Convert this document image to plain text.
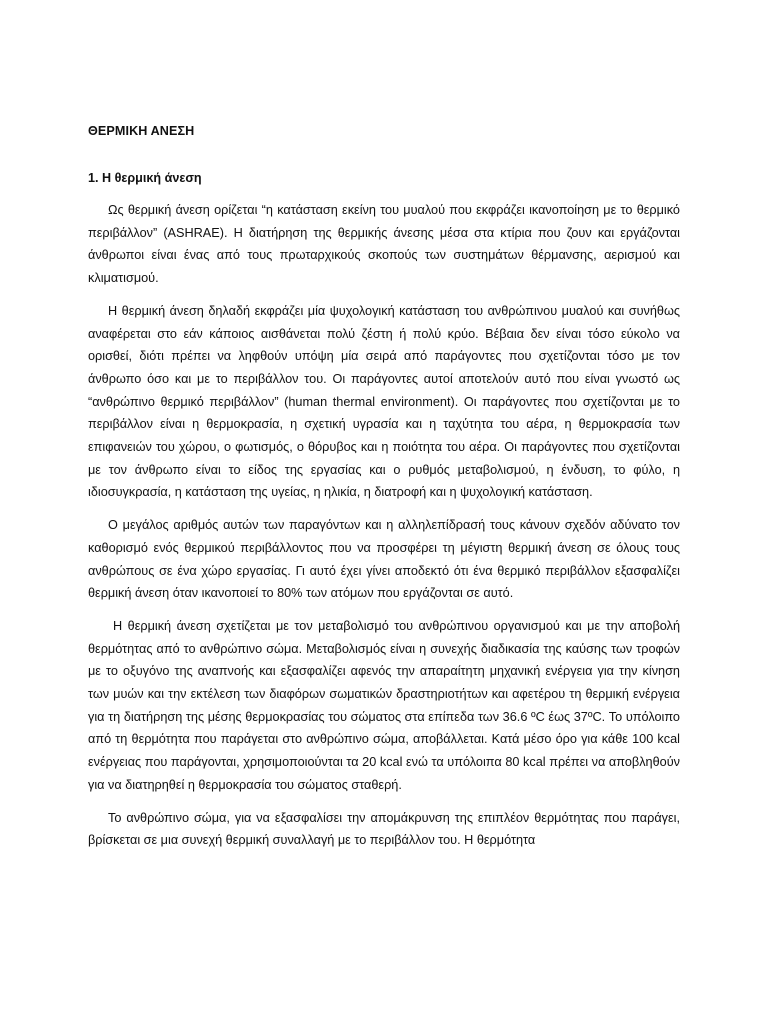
ΘΕΡΜΙΚΗ ΑΝΕΣΗ
1. Η θερμική άνεση

Ως θερμική άνεση ορίζεται “η κατάσταση εκείνη του μυαλού που εκφράζει ικανοποίηση με το θερμικό περιβάλλον” (ASHRAE). Η διατήρηση της θερμικής άνεσης μέσα στα κτίρια που ζουν και εργάζονται άνθρωποι είναι ένας από τους πρωταρχικούς σκοπούς των συστημάτων θέρμανσης, αερισμού και κλιματισμού.

Η θερμική άνεση δηλαδή εκφράζει μία ψυχολογική κατάσταση του ανθρώπινου μυαλού και συνήθως αναφέρεται στο εάν κάποιος αισθάνεται πολύ ζέστη ή πολύ κρύο. Βέβαια δεν είναι τόσο εύκολο να ορισθεί, διότι πρέπει να ληφθούν υπόψη μία σειρά από παράγοντες που σχετίζονται τόσο με τον άνθρωπο όσο και με το περιβάλλον του. Οι παράγοντες αυτοί αποτελούν αυτό που είναι γνωστό ως “ανθρώπινο θερμικό περιβάλλον” (human thermal environment). Οι παράγοντες που σχετίζονται με το περιβάλλον είναι η θερμοκρασία, η σχετική υγρασία και η ταχύτητα του αέρα, η θερμοκρασία των επιφανειών του χώρου, ο φωτισμός, ο θόρυβος και η ποιότητα του αέρα. Οι παράγοντες που σχετίζονται με τον άνθρωπο είναι το είδος της εργασίας και ο ρυθμός μεταβολισμού, η ένδυση, το φύλο, η ιδιοσυγκρασία, η κατάσταση της υγείας, η ηλικία, η διατροφή και η ψυχολογική κατάσταση.

Ο μεγάλος αριθμός αυτών των παραγόντων και η αλληλεπίδρασή τους κάνουν σχεδόν αδύνατο τον καθορισμό ενός θερμικού περιβάλλοντος που να προσφέρει τη μέγιστη θερμική άνεση σε όλους τους ανθρώπους σε ένα χώρο εργασίας. Γι αυτό έχει γίνει αποδεκτό ότι ένα θερμικό περιβάλλον εξασφαλίζει θερμική άνεση όταν ικανοποιεί το 80% των ατόμων που εργάζονται σε αυτό.

Η θερμική άνεση σχετίζεται με τον μεταβολισμό του ανθρώπινου οργανισμού και με την αποβολή θερμότητας από το ανθρώπινο σώμα. Μεταβολισμός είναι η συνεχής διαδικασία της καύσης των τροφών με το οξυγόνο της αναπνοής και εξασφαλίζει αφενός την απαραίτητη μηχανική ενέργεια για την κίνηση των μυών και την εκτέλεση των διαφόρων σωματικών δραστηριοτήτων και αφετέρου τη θερμική ενέργεια για τη διατήρηση της μέσης θερμοκρασίας του σώματος στα επίπεδα των 36.6 ºC έως 37ºC. Το υπόλοιπο από τη θερμότητα που παράγεται στο ανθρώπινο σώμα, αποβάλλεται. Κατά μέσο όρο για κάθε 100 kcal ενέργειας που παράγονται, χρησιμοποιούνται τα 20 kcal ενώ τα υπόλοιπα 80 kcal πρέπει να αποβληθούν για να διατηρηθεί η θερμοκρασία του σώματος σταθερή.

Το ανθρώπινο σώμα, για να εξασφαλίσει την απομάκρυνση της επιπλέον θερμότητας που παράγει, βρίσκεται σε μια συνεχή θερμική συναλλαγή με το περιβάλλον του. Η θερμότητα
